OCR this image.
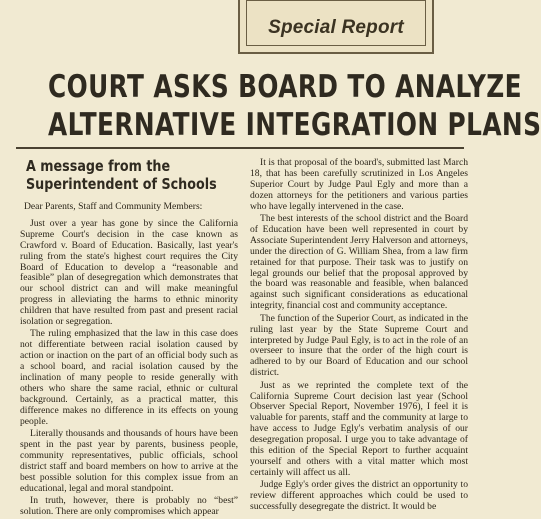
Special Report
COURT ASKS BOARD TO ANALYZE
ALTERNATIVE INTEGRATION PLANS
A message from the
Superintendent of Schools

Dear Parents, Staff and Community Members:

Just over a year has gone by since the California Supreme Court's decision in the case known as Crawford v. Board of Education. Basically, last year's ruling from the state's highest court requires the City Board of Education to develop a “reasonable and feasible” plan of desegregation which demonstrates that our school district can and will make meaningful progress in alleviating the harms to ethnic minority children that have resulted from past and present racial isolation or segregation.

The ruling emphasized that the law in this case does not differentiate between racial isolation caused by action or inaction on the part of an official body such as a school board, and racial isolation caused by the inclination of many people to reside generally with others who share the same racial, ethnic or cultural background. Certainly, as a practical matter, this difference makes no difference in its effects on young people.

Literally thousands and thousands of hours have been spent in the past year by parents, business people, community representatives, public officials, school district staff and board members on how to arrive at the best possible solution for this complex issue from an educational, legal and moral standpoint.

In truth, however, there is probably no “best” solution. There are only compromises which appear

It is that proposal of the board's, submitted last March 18, that has been carefully scrutinized in Los Angeles Superior Court by Judge Paul Egly and more than a dozen attorneys for the petitioners and various parties who have legally intervened in the case.

The best interests of the school district and the Board of Education have been well represented in court by Associate Superintendent Jerry Halverson and attorneys, under the direction of G. William Shea, from a law firm retained for that purpose. Their task was to justify on legal grounds our belief that the proposal approved by the board was reasonable and feasible, when balanced against such significant considerations as educational integrity, financial cost and community acceptance.

The function of the Superior Court, as indicated in the ruling last year by the State Supreme Court and interpreted by Judge Paul Egly, is to act in the role of an overseer to insure that the order of the high court is adhered to by our Board of Education and our school district.

Just as we reprinted the complete text of the California Supreme Court decision last year (School Observer Special Report, November 1976), I feel it is valuable for parents, staff and the community at large to have access to Judge Egly's verbatim analysis of our desegregation proposal. I urge you to take advantage of this edition of the Special Report to further acquaint yourself and others with a vital matter which most certainly will affect us all.

Judge Egly's order gives the district an opportunity to review different approaches which could be used to successfully desegregate the district. It would be
